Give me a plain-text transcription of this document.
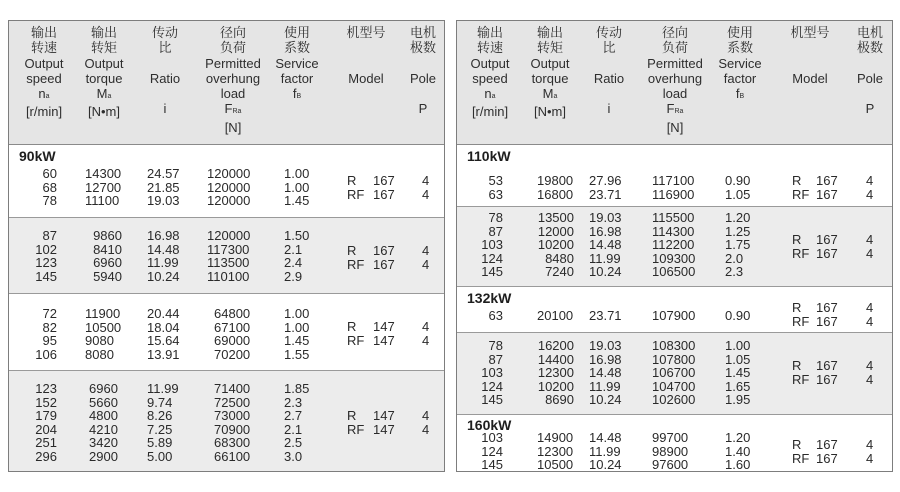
输出
转速
Output
speed
na
[r/min]
输出
转矩
Output
torque
Ma
[N•m]
传动
比

Ratio

i
径向
负荷
Permitted
overhung
load
FRa
[N]
使用
系数
Service
factor
fB
机型号

Model
电机
极数

Pole

P
90kW
60
68
78
14300
12700
11100
24.57
21.85
19.03
120000
120000
120000
1.00
1.00
1.45
R
RF
167
167
4
4
87
102
123
145
9860
8410
6960
5940
16.98
14.48
11.99
10.24
120000
117300
113500
110100
1.50
2.1
2.4
2.9
R
RF
167
167
4
4
72
82
95
106
11900
10500
9080
8080
20.44
18.04
15.64
13.91
64800
67100
69000
70200
1.00
1.00
1.45
1.55
R
RF
147
147
4
4
123
152
179
204
251
296
6960
5660
4800
4210
3420
2900
11.99
9.74
8.26
7.25
5.89
5.00
71400
72500
73000
70900
68300
66100
1.85
2.3
2.7
2.1
2.5
3.0
R
RF
147
147
4
4
输出
转速
Output
speed
na
[r/min]
输出
转矩
Output
torque
Ma
[N•m]
传动
比

Ratio

i
径向
负荷
Permitted
overhung
load
FRa
[N]
使用
系数
Service
factor
fB
机型号

Model
电机
极数

Pole

P
110kW
53
63
19800
16800
27.96
23.71
117100
116900
0.90
1.05
R
RF
167
167
4
4
78
87
103
124
145
13500
12000
10200
8480
7240
19.03
16.98
14.48
11.99
10.24
115500
114300
112200
109300
106500
1.20
1.25
1.75
2.0
2.3
R
RF
167
167
4
4
132kW
63	20100 23.71 107900 0.90
R
RF
167
167
4
4
78
87
103
124
145
16200
14400
12300
10200
8690
19.03
16.98
14.48
11.99
10.24
108300
107800
106700
104700
102600
1.00
1.05
1.45
1.65
1.95
R
RF
167
167
4
4
160kW
103
124
145
14900
12300
10500
14.48
11.99
10.24
99700
98900
97600
1.20
1.40
1.60
R
RF
167
167
4
4
